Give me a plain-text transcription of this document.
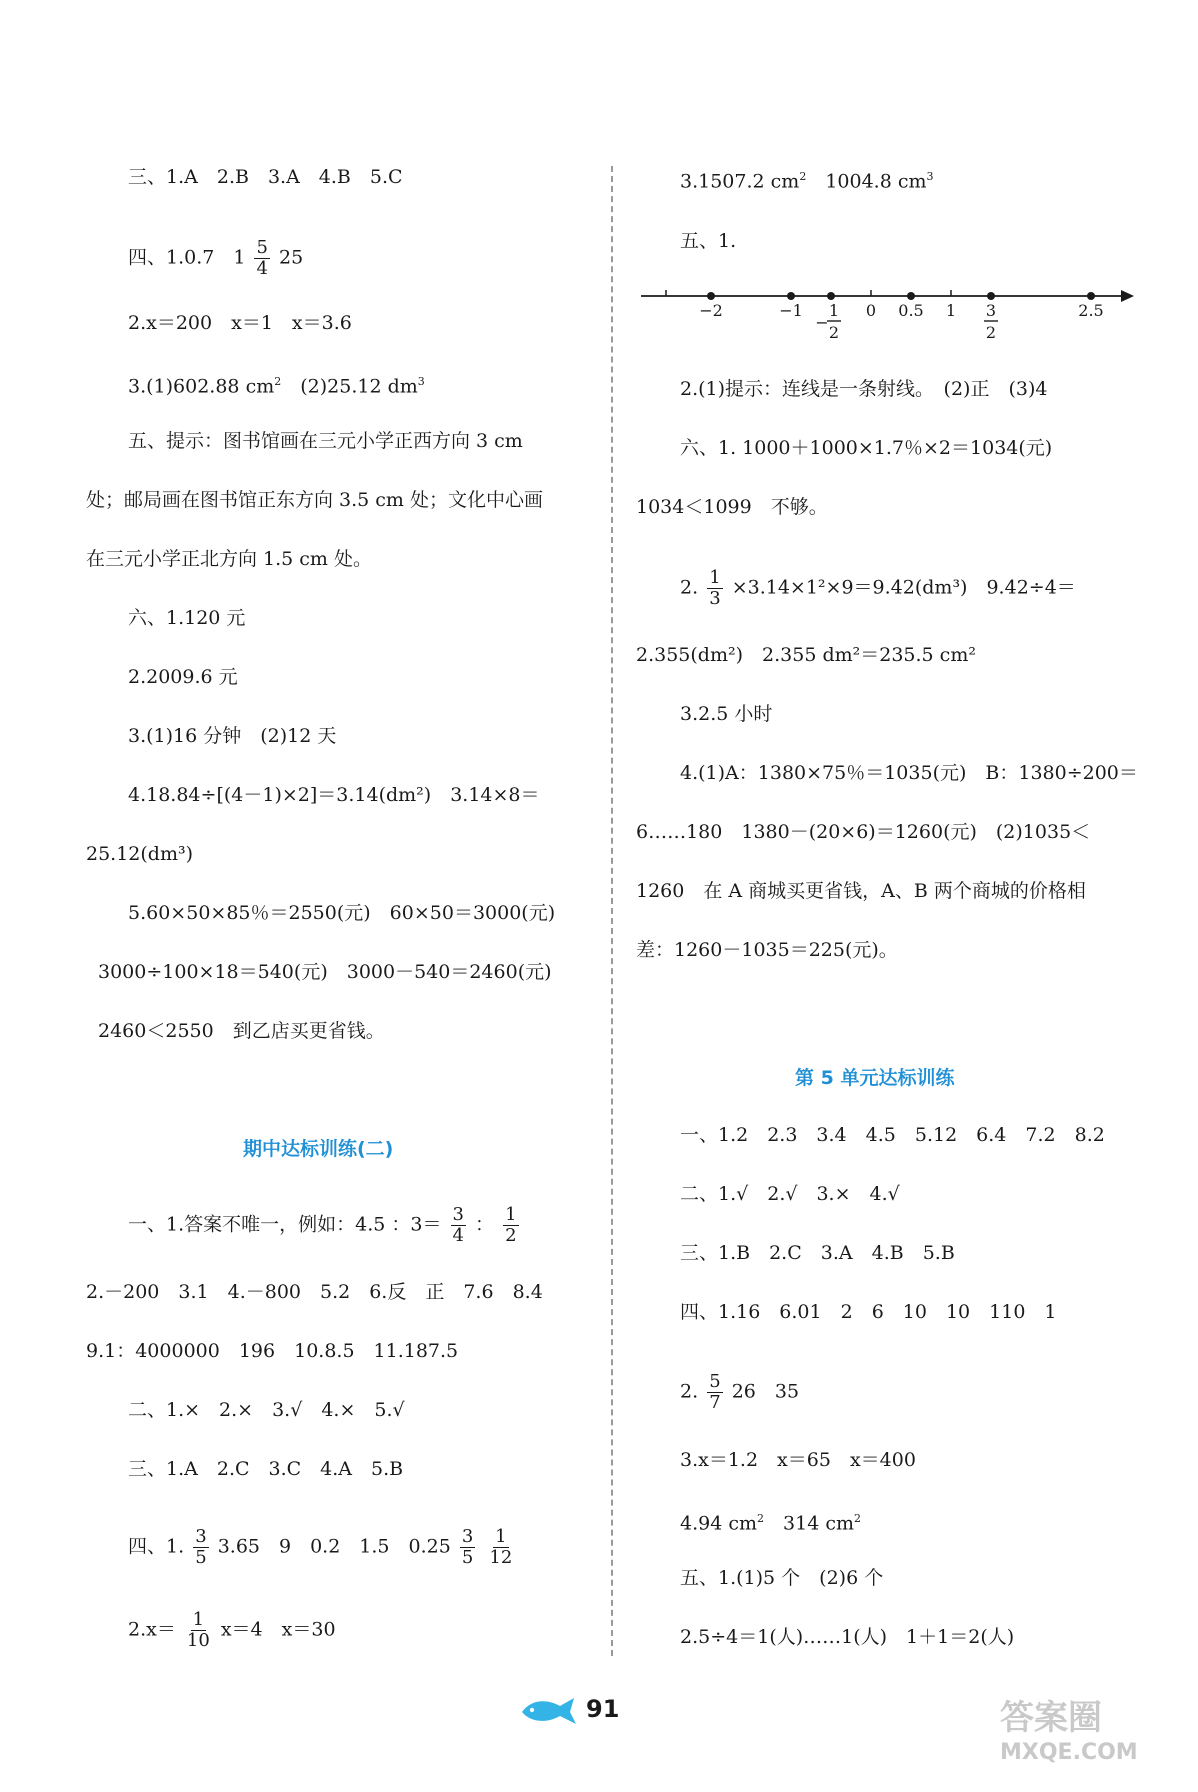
三、1.A　2.B　3.A　4.B　5.C
四、1.0.7　$1 \frac{5}{4} 25$
2.x＝200　x＝1　x＝3.6
3.(1)602.88 $cm^2$　(2)25.12 $dm^3$
五、提示：图书馆画在三元小学正西方向 3 cm
处；邮局画在图书馆正东方向 3.5 cm 处；文化中心画
在三元小学正北方向 1.5 cm 处。
六、1.120 元
2.2009.6 元
3.(1)16 分钟　(2)12 天
4.18.84÷[(4－1)×2]＝3.14(dm²)　3.14×8＝
25.12(dm³)
5.60×50×85％＝2550(元)　60×50＝3000(元)
3000÷100×18＝540(元)　3000－540＝2460(元)
2460＜2550　到乙店买更省钱。
期中达标训练(二)
一、1.答案不唯一，例如：4.5 ：$3= \frac{3}{4}$ ： $\frac{1}{2}$
2.－200　3.1　4.－800　5.2　6.反　正　7.6　8.4
9.1：4000000　196　10.8.5　11.187.5
二、1.×　2.×　3.√　4.×　5.√
三、1.A　2.C　3.C　4.A　5.B
四、1. $\frac{3}{5} 3.65$　9　0.2　1.5　$0.25 \frac{3}{5}$
$\frac{1}{12}$
$2.x= \frac{1}{10} x=4$　x＝30
3.1507.2 $cm^2$　1004.8 $cm^3$
五、1.
−2	−1	0 0.5 1	2.5
−
1
2
3
2
2.(1)提示：连线是一条射线。　(2)正　(3)4
六、1. 1000＋1000×1.7％×2＝1034(元)
1034＜1099　不够。
2. $\frac{1}{3} \times 3.14\times 1^2\times 9=9.42(dm^3)$　9.42÷4＝
2.355(dm²)　2.355 dm²＝235.5 cm²
3.2.5 小时
4.(1)A：1380×75％＝1035(元)　B：1380÷200＝
6……180　1380－(20×6)＝1260(元)　(2)1035＜
1260　在 A 商城买更省钱，A、B 两个商城的价格相
差：1260－1035＝225(元)。
第 5 单元达标训练
一、1.2　2.3　3.4　4.5　5.12　6.4　7.2　8.2
二、1.√　2.√　3.×　4.√
三、1.B　2.C　3.A　4.B　5.B
四、1.16　6.01　2　6　10　10　110　1
2. $\frac{5}{7} 26$　35
3.x＝1.2　x＝65　x＝400
4.94 $cm^2$　314 $cm^2$
五、1.(1)5 个　(2)6 个
2.5÷4＝1(人)……1(人)　1＋1＝2(人)
91	答案圈
MXQE.COM
